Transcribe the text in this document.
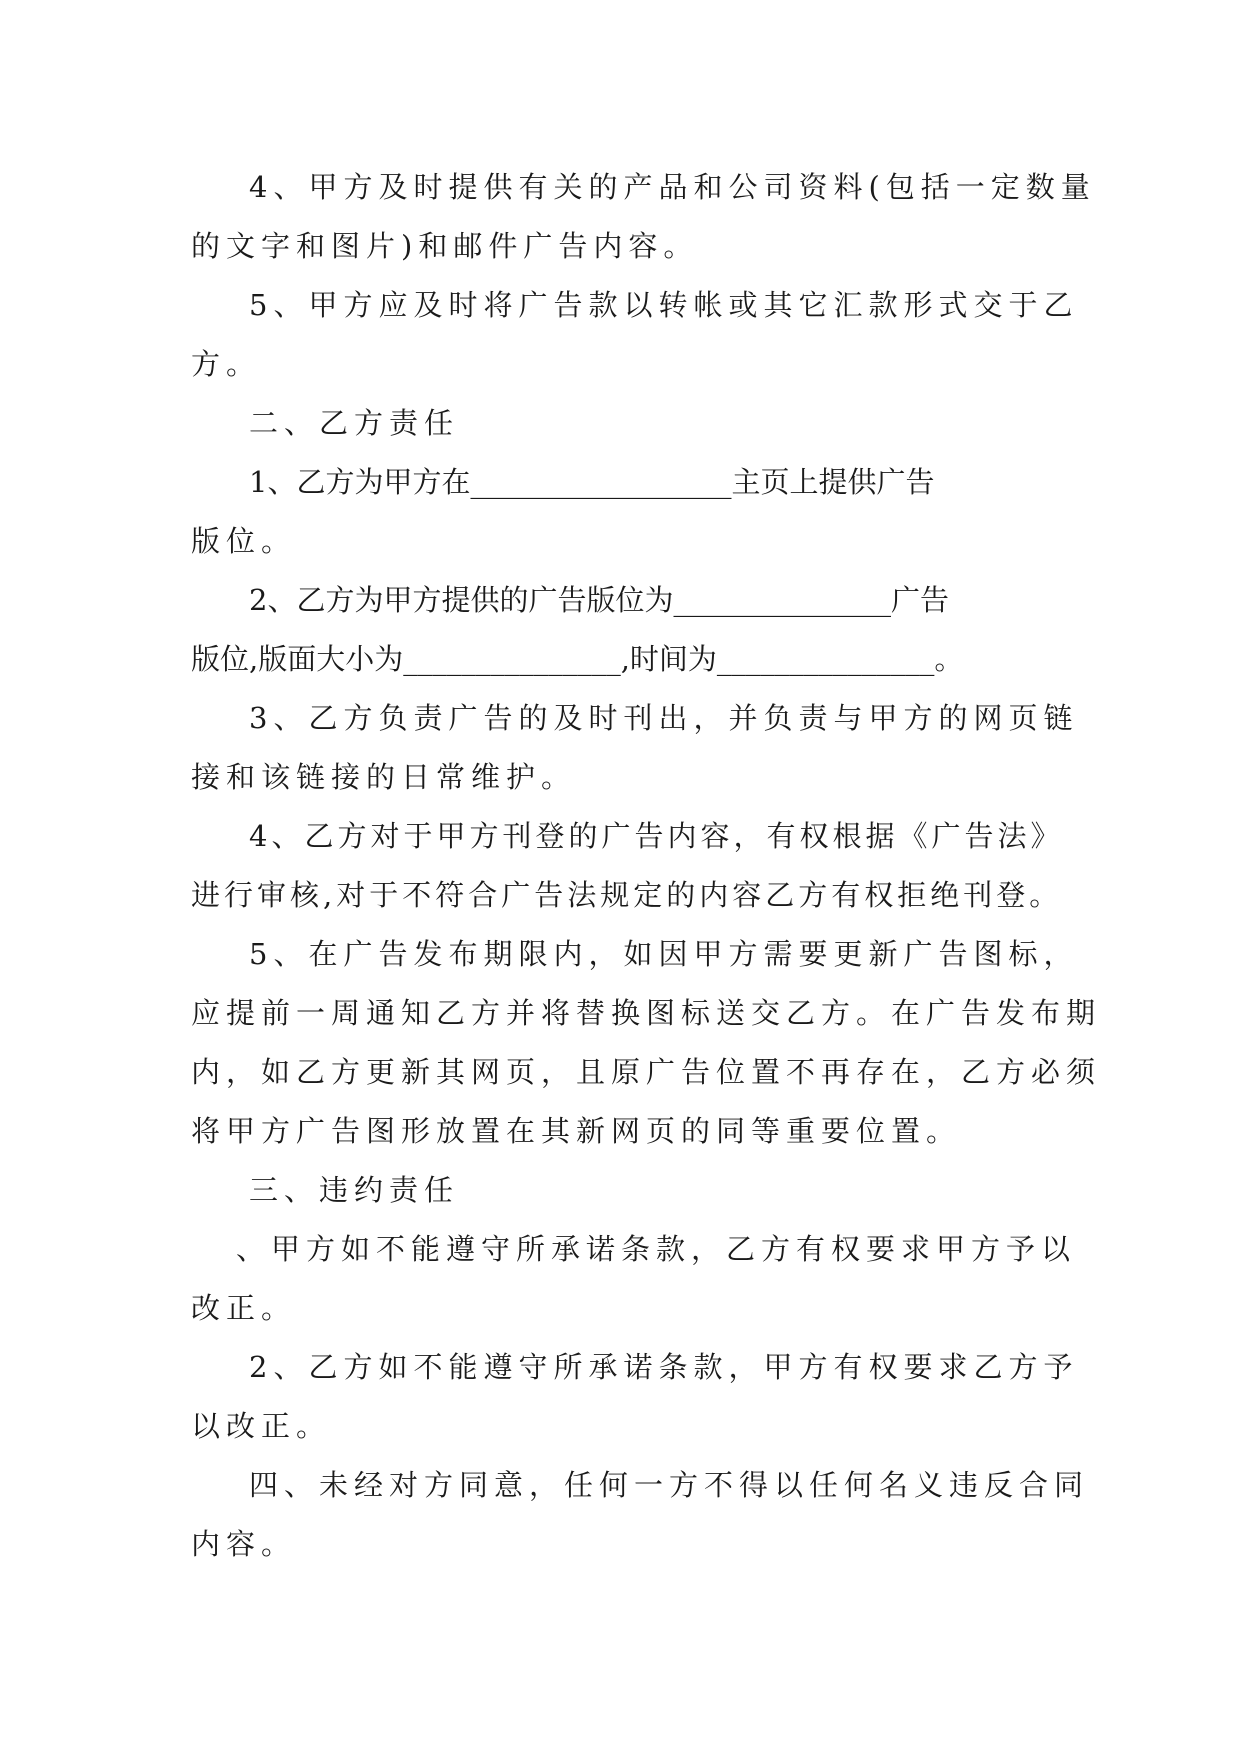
4、甲方及时提供有关的产品和公司资料(包括一定数量
的文字和图片)和邮件广告内容。
5、甲方应及时将广告款以转帐或其它汇款形式交于乙
方。
二、乙方责任
1、乙方为甲方在__________________主页上提供广告
版位。
2、乙方为甲方提供的广告版位为_______________广告
版位,版面大小为_______________,时间为_______________。
3、乙方负责广告的及时刊出，并负责与甲方的网页链
接和该链接的日常维护。
4、乙方对于甲方刊登的广告内容，有权根据《广告法》
进行审核,对于不符合广告法规定的内容乙方有权拒绝刊登。
5、在广告发布期限内，如因甲方需要更新广告图标，
应提前一周通知乙方并将替换图标送交乙方。在广告发布期
内，如乙方更新其网页，且原广告位置不再存在，乙方必须
将甲方广告图形放置在其新网页的同等重要位置。
三、违约责任
、甲方如不能遵守所承诺条款，乙方有权要求甲方予以
改正。
2、乙方如不能遵守所承诺条款，甲方有权要求乙方予
以改正。
四、未经对方同意，任何一方不得以任何名义违反合同
内容。
